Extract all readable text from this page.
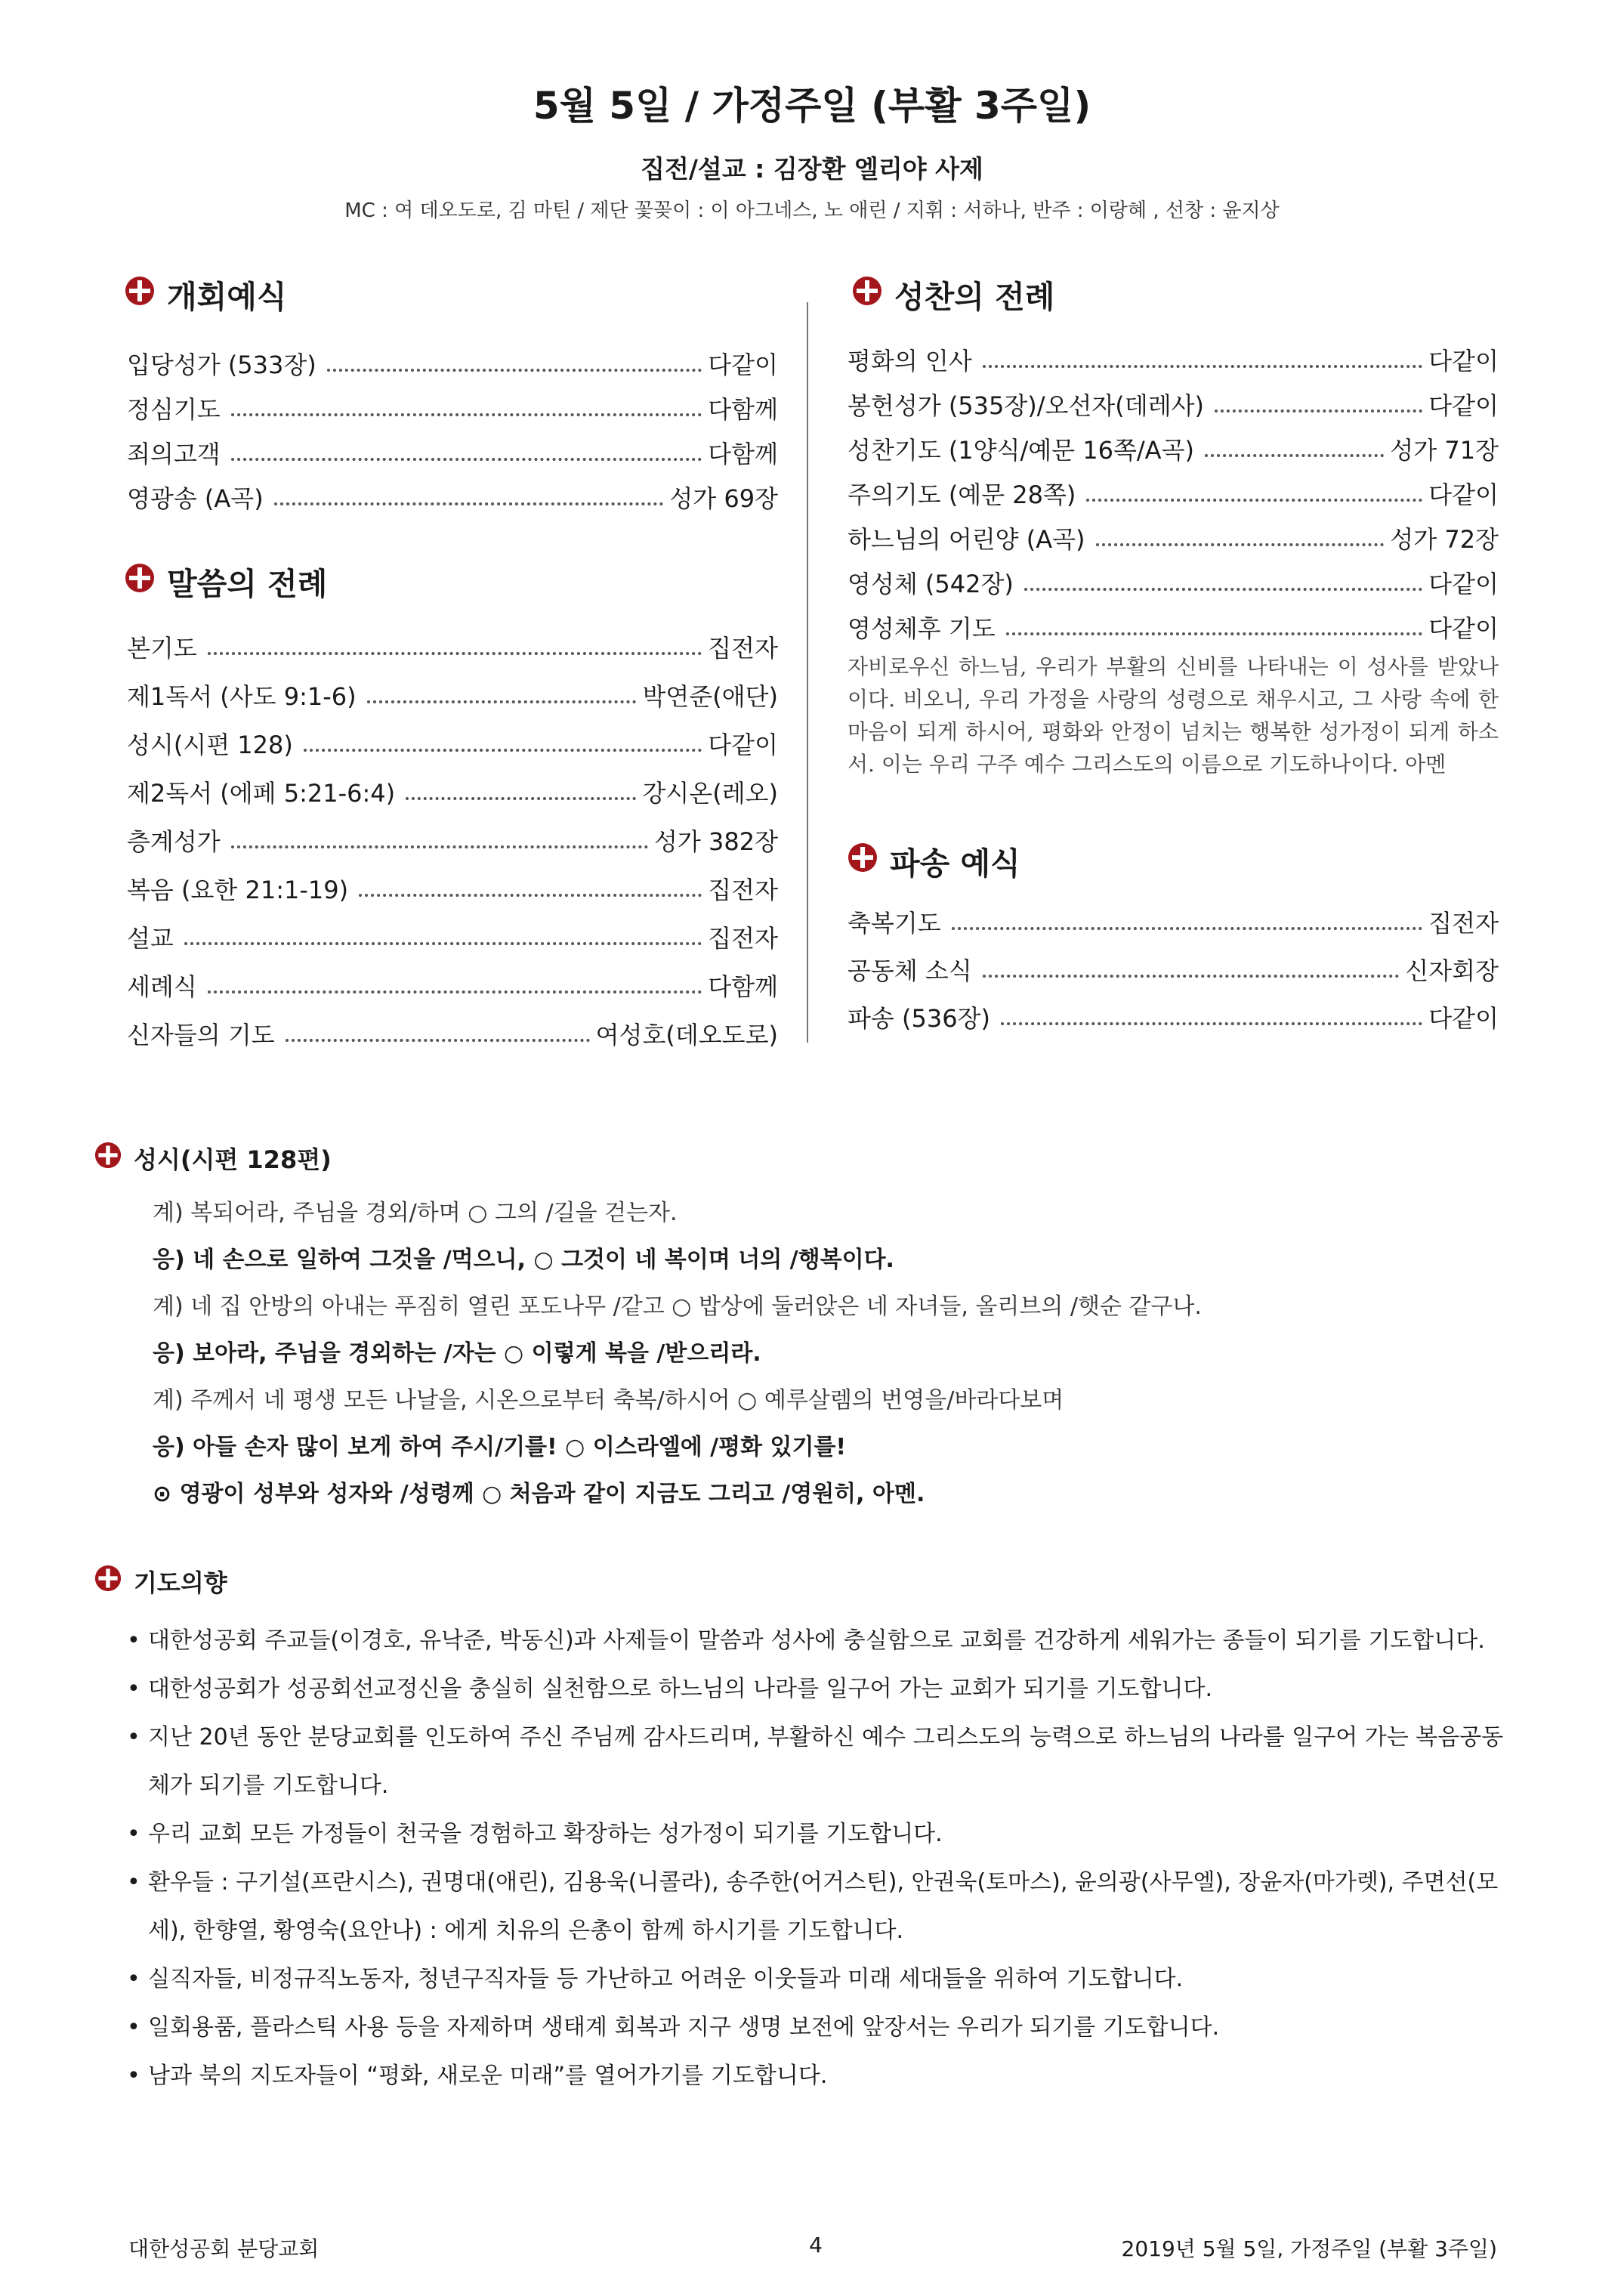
5월 5일 / 가정주일 (부활 3주일)
집전/설교 : 김장환 엘리야 사제
MC : 여 데오도로, 김 마틴 / 제단 꽃꽂이 : 이 아그네스, 노 애린 / 지휘 : 서하나, 반주 : 이랑혜 , 선창 : 윤지상
개회예식
입당성가 (533장)	다같이
정심기도	다함께
죄의고객	다함께
영광송 (A곡)	성가 69장
말씀의 전례
본기도	집전자
제1독서 (사도 9:1-6)	박연준(애단)
성시(시편 128)	다같이
제2독서 (에페 5:21-6:4)	강시온(레오)
층계성가	성가 382장
복음 (요한 21:1-19)	집전자
설교	집전자
세례식	다함께
신자들의 기도	여성호(데오도로)
성찬의 전례
평화의 인사	다같이
봉헌성가 (535장)/오선자(데레사)	다같이
성찬기도 (1양식/예문 16쪽/A곡)	성가 71장
주의기도 (예문 28쪽)	다같이
하느님의 어린양 (A곡)	성가 72장
영성체 (542장)	다같이
영성체후 기도	다같이
자비로우신 하느님, 우리가 부활의 신비를 나타내는 이 성사를 받았나이다. 비오니, 우리 가정을 사랑의 성령으로 채우시고, 그 사랑 속에 한 마음이 되게 하시어, 평화와 안정이 넘치는 행복한 성가정이 되게 하소서. 이는 우리 구주 예수 그리스도의 이름으로 기도하나이다. 아멘
파송 예식
축복기도	집전자
공동체 소식	신자회장
파송 (536장)	다같이
성시(시편 128편)
계) 복되어라, 주님을 경외/하며 ○ 그의 /길을 걷는자.
응) 네 손으로 일하여 그것을 /먹으니, ○ 그것이 네 복이며 너의 /행복이다.
계) 네 집 안방의 아내는 푸짐히 열린 포도나무 /같고 ○ 밥상에 둘러앉은 네 자녀들, 올리브의 /햇순 같구나.
응) 보아라, 주님을 경외하는 /자는 ○ 이렇게 복을 /받으리라.
계) 주께서 네 평생 모든 나날을, 시온으로부터 축복/하시어 ○ 예루살렘의 번영을/바라다보며
응) 아들 손자 많이 보게 하여 주시/기를! ○ 이스라엘에 /평화 있기를!
⊙ 영광이 성부와 성자와 /성령께 ○ 처음과 같이 지금도 그리고 /영원히, 아멘.
기도의향
• 대한성공회 주교들(이경호, 유낙준, 박동신)과 사제들이 말씀과 성사에 충실함으로 교회를 건강하게 세워가는 종들이 되기를 기도합니다.
• 대한성공회가 성공회선교정신을 충실히 실천함으로 하느님의 나라를 일구어 가는 교회가 되기를 기도합니다.
• 지난 20년 동안 분당교회를 인도하여 주신 주님께 감사드리며, 부활하신 예수 그리스도의 능력으로 하느님의 나라를 일구어 가는 복음공동체가 되기를 기도합니다.
• 우리 교회 모든 가정들이 천국을 경험하고 확장하는 성가정이 되기를 기도합니다.
• 환우들 : 구기설(프란시스), 권명대(애린), 김용욱(니콜라), 송주한(어거스틴), 안권욱(토마스), 윤의광(사무엘), 장윤자(마가렛), 주면선(모세), 한향열, 황영숙(요안나) : 에게 치유의 은총이 함께 하시기를 기도합니다.
• 실직자들, 비정규직노동자, 청년구직자들 등 가난하고 어려운 이웃들과 미래 세대들을 위하여 기도합니다.
• 일회용품, 플라스틱 사용 등을 자제하며 생태계 회복과 지구 생명 보전에 앞장서는 우리가 되기를 기도합니다.
• 남과 북의 지도자들이 “평화, 새로운 미래”를 열어가기를 기도합니다.
대한성공회 분당교회	4	2019년 5월 5일, 가정주일 (부활 3주일)
